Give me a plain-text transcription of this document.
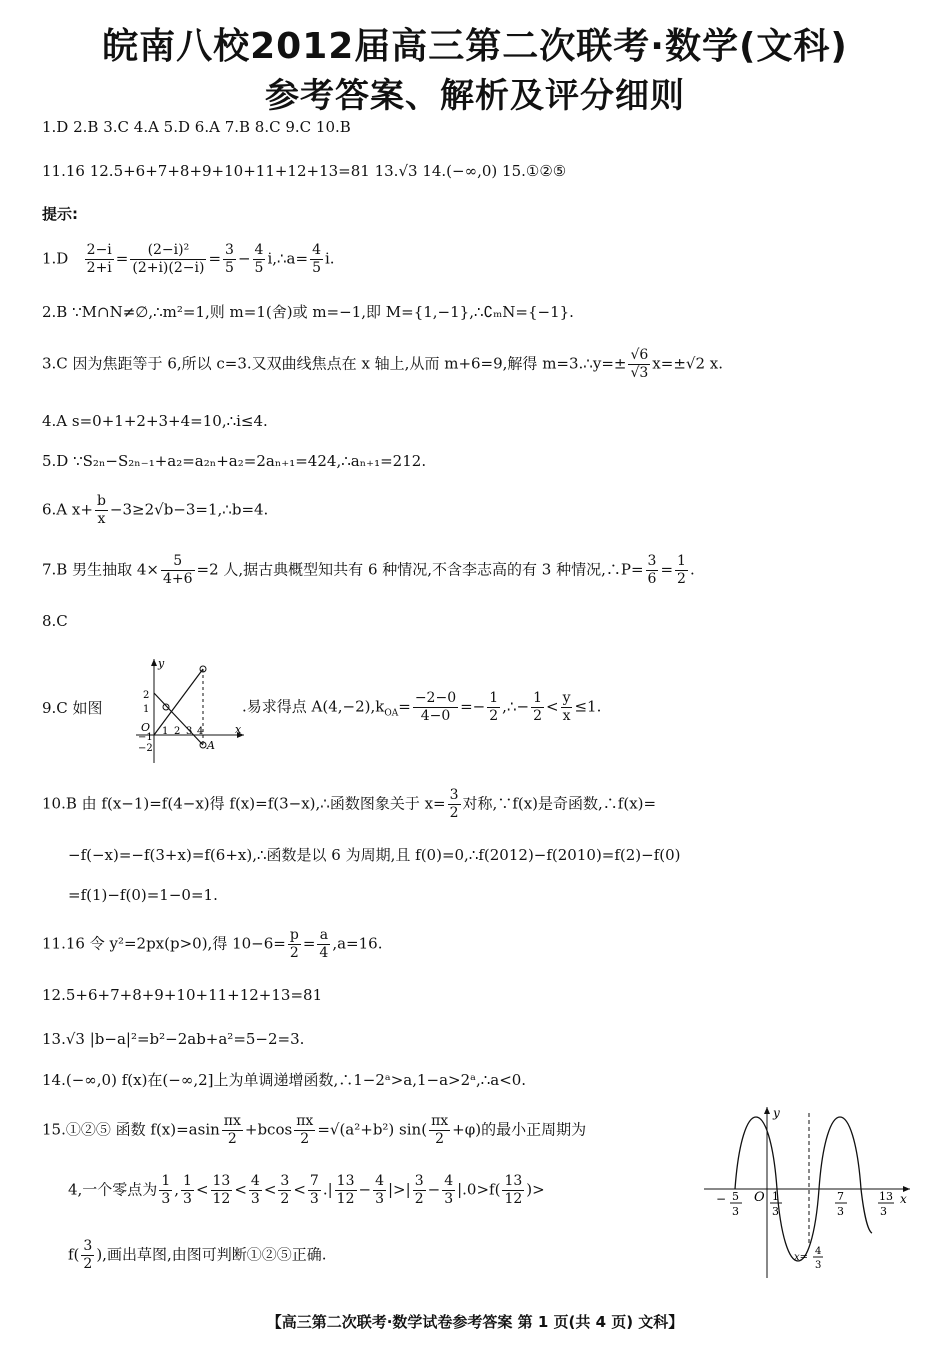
皖南八校2012届高三第二次联考·数学(文科)
参考答案、解析及评分细则
1.D 2.B 3.C 4.A 5.D 6.A 7.B 8.C 9.C 10.B
11.16 12.5+6+7+8+9+10+11+12+13=81 13.√3 14.(−∞,0) 15.①②⑤
提示:
$1.D \frac{2-i}{2+i} = \frac{\text{(2−i)²}}{(2+i)(2-i)} = \frac{3}{5} - \frac{4}{5}$ i,∴a= $\frac{4}{5} i$.
2.B ∵M∩N≠∅,∴m²=1,则 m=1(舍)或 m=−1,即 M={1,−1},∴∁ₘN={−1}.
3.C 因为焦距等于 6,所以 c=3.又双曲线焦点在 x 轴上,从而 m+6=9,解得 m=3.∴y=± $\frac{√6}{√3} x=\pm√2$ x.
4.A s=0+1+2+3+4=10,∴i≤4.
5.D ∵S₂ₙ−S₂ₙ₋₁+a₂=a₂ₙ+a₂=2aₙ₊₁=424,∴aₙ₊₁=212.
6.A $x+ \frac{b}{x}$ −3≥2√b−3=1,∴b=4.
7.B 男生抽取 $4\times \frac{5}{4+6} =2$ 人,据古典概型知共有 6 种情况,不含李志高的有 3 种情况,∴P= $\frac{3}{6} = \frac{1}{2}$ .
8.C
9.C 如图
y
x
O
A
1 2 3 4
2
1
−1
−2
.易求得点 $A(4,-2),k_{OA}= \frac{-2-0}{4-0} =- \frac{1}{2}$ ,∴− $\frac{1}{2} < \frac{y}{x} \le 1$.
10.B 由 f(x−1)=f(4−x)得 f(x)=f(3−x),∴函数图象关于 $x= \frac{3}{2}$ 对称,∵f(x)是奇函数,∴f(x)=
−f(−x)=−f(3+x)=f(6+x),∴函数是以 6 为周期,且 f(0)=0,∴f(2012)−f(2010)=f(2)−f(0)
=f(1)−f(0)=1−0=1.
11.16 令 y²=2px(p>0),得 $10-6= \frac{p}{2} = \frac{a}{4} ,a=16$.
12.5+6+7+8+9+10+11+12+13=81
13.√3 |b−a|²=b²−2ab+a²=5−2=3.
14.(−∞,0) f(x)在(−∞,2]上为单调递增函数,∴1−2ᵃ>a,1−a>2ᵃ,∴a<0.
15.①②⑤ 函数 $f(x)=asin \frac{\pi x}{2} +bcos \frac{\pi x}{2} =√(a^2+b^2)$ $\sin( \frac{\pi x}{2} +\varphi)$的最小正周期为
4,一个零点为 $\frac{1}{3}$ , $\frac{1}{3} < \frac{13}{12} < \frac{4}{3} < \frac{3}{2} < \frac{7}{3}$ .| $\frac{13}{12} - \frac{4}{3}$ |>| $\frac{3}{2} - \frac{4}{3} |.0>f( \frac{13}{12}$ )>
$f( \frac{3}{2}$ ),画出草图,由图可判断①②⑤正确.
y
x
O
− 5
3
1
3
7
3
13
3
x=
4
3
【高三第二次联考·数学试卷参考答案 第 1 页(共 4 页) 文科】
